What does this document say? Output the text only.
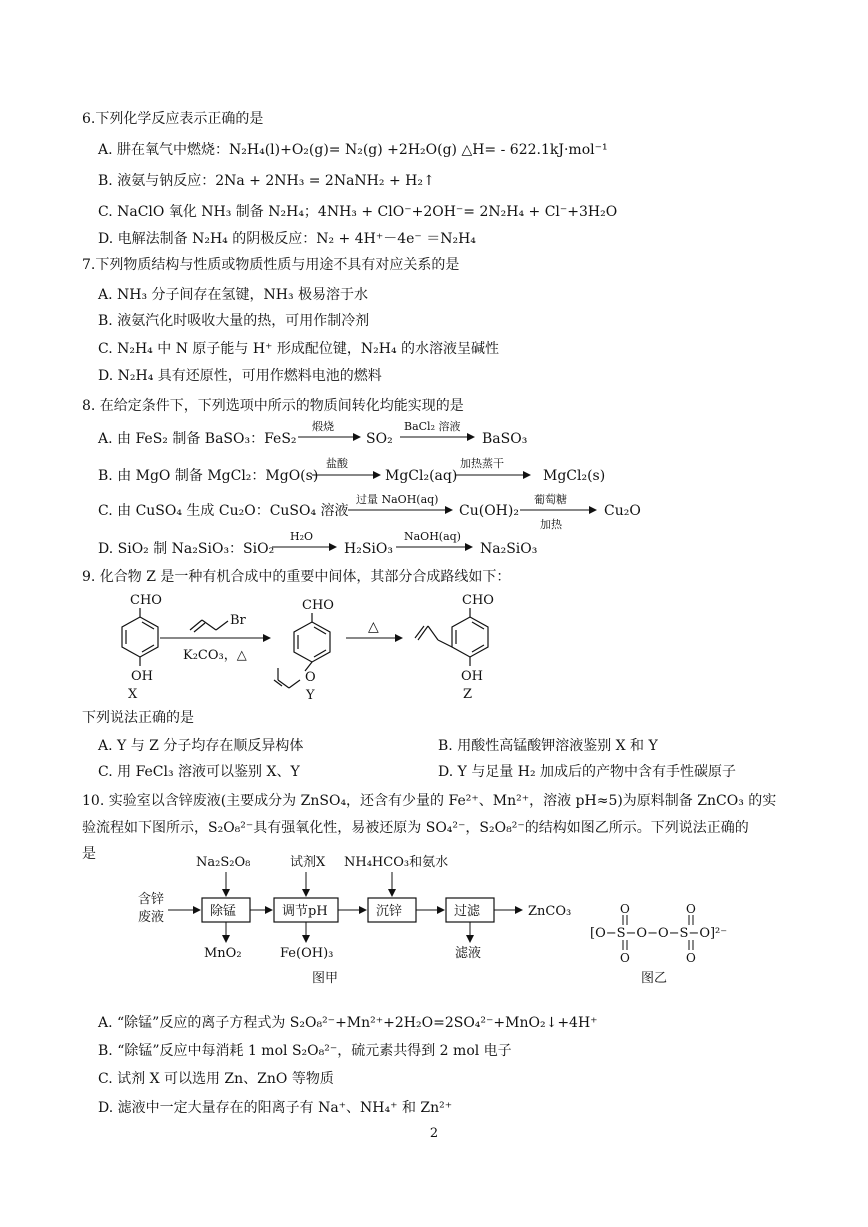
6.下列化学反应表示正确的是
A. 肼在氧气中燃烧：N₂H₄(l)+O₂(g)= N₂(g) +2H₂O(g) △H= - 622.1kJ·mol⁻¹
B. 液氨与钠反应：2Na + 2NH₃ = 2NaNH₂ + H₂↑
C. NaClO 氧化 NH₃ 制备 N₂H₄；4NH₃ + ClO⁻+2OH⁻= 2N₂H₄ + Cl⁻+3H₂O
D. 电解法制备 N₂H₄ 的阴极反应：N₂ + 4H⁺－4e⁻ ＝N₂H₄
7.下列物质结构与性质或物质性质与用途不具有对应关系的是
A. NH₃ 分子间存在氢键，NH₃ 极易溶于水
B. 液氨汽化时吸收大量的热，可用作制冷剂
C. N₂H₄ 中 N 原子能与 H⁺ 形成配位键，N₂H₄ 的水溶液呈碱性
D. N₂H₄ 具有还原性，可用作燃料电池的燃料
8. 在给定条件下，下列选项中所示的物质间转化均能实现的是
A. 由 FeS₂ 制备 BaSO₃：FeS₂
煅烧
SO₂
BaCl₂ 溶液
BaSO₃
B. 由 MgO 制备 MgCl₂：MgO(s)
盐酸
MgCl₂(aq)
加热蒸干
MgCl₂(s)
C. 由 CuSO₄ 生成 Cu₂O：CuSO₄ 溶液
过量 NaOH(aq)
Cu(OH)₂
葡萄糖
加热
Cu₂O
D. SiO₂ 制 Na₂SiO₃：SiO₂
H₂O
H₂SiO₃
NaOH(aq)
Na₂SiO₃
9. 化合物 Z 是一种有机合成中的重要中间体，其部分合成路线如下：
CHO
OH
X
Br
K₂CO₃，△
CHO
O
Y
△
CHO
OH
Z
下列说法正确的是
A. Y 与 Z 分子均存在顺反异构体	B. 用酸性高锰酸钾溶液鉴别 X 和 Y
C. 用 FeCl₃ 溶液可以鉴别 X、Y	D. Y 与足量 H₂ 加成后的产物中含有手性碳原子
10. 实验室以含锌废液(主要成分为 ZnSO₄，还含有少量的 Fe²⁺、Mn²⁺，溶液 pH≈5)为原料制备 ZnCO₃ 的实
验流程如下图所示，S₂O₈²⁻具有强氧化性，易被还原为 SO₄²⁻，S₂O₈²⁻的结构如图乙所示。下列说法正确的
是
含锌
废液	除锰	调节pH	沉锌	过滤	ZnCO₃
Na₂S₂O₈	试剂X NH₄HCO₃和氨水
MnO₂	Fe(OH)₃	滤液
图甲
[O−S−O−O−S−O]²⁻
O	O
O	O
图乙
A. “除锰”反应的离子方程式为 S₂O₈²⁻+Mn²⁺+2H₂O=2SO₄²⁻+MnO₂↓+4H⁺
B. “除锰”反应中每消耗 1 mol S₂O₈²⁻，硫元素共得到 2 mol 电子
C. 试剂 X 可以选用 Zn、ZnO 等物质
D. 滤液中一定大量存在的阳离子有 Na⁺、NH₄⁺ 和 Zn²⁺
2
